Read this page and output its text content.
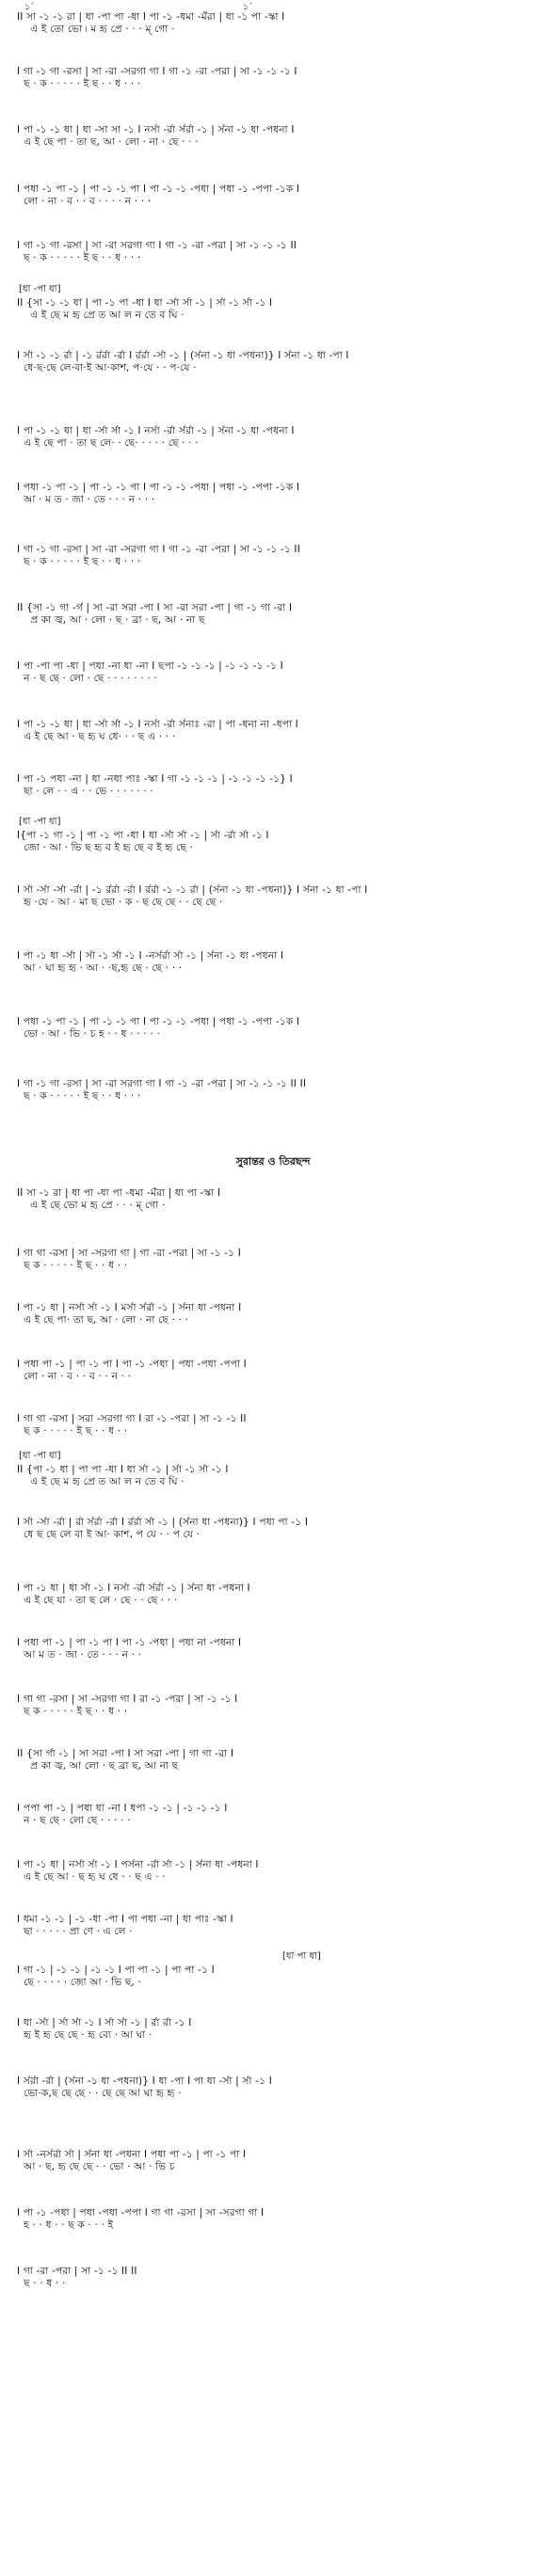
১´	১´
II সা -১ -১ রা | ধা -পা পা -ধা I পা -১ -ধমা -মঁরা | ধা -১ পা -স্কা I
এ ই তো ভো ৷ ম হৃ প্রে · · · ম্ গো ·
I গা -১ গা -রসা | সা -রা -সরগা গা I গা -১ -রা -পরা | সা -১ -১ -১ I
ছ · ক · · · · · ই ছ · · ধ · · ·
I পা -১ -১ ধা | ধা -সা সা -১ I নর্সা -র্রা র্সর্রা -১ | র্সনা -১ ধা -পধনা I
এ ই ছে পা · তা ছ, আ · লো · না · ছে · · ·
I পধা -১ পা -১ | পা -১ -১ পা I পা -১ -১ -পধা | পধা -১ -পপা -১ক I
লো · না · ব · · ব · · · · ন · · ·
I গা -১ গা -রসা | সা -রা সরগা গা I গা -১ -রা -পরা | সা -১ -১ -১ II
ছ · ক · · · · · ই ছ · · ধ · · ·
[ধা -পা ধা]
II {সা -১ -১ ধা | পা -১ পা -ধা I ধা -র্সা র্সা -১ | র্সা -১ র্সা -১ I
এ ই ছে ম হৃ প্রে ত আ ল ন তে ব ঘি ·
I র্সা -১ -১ র্রা | -১ র্রর্রা -র্রা I র্রর্রা -র্সা -১ | (র্সনা -১ ধা -পধনা)} I র্সনা -১ ধা -পা I
ধে·ছ·ছে লে·বা·ই আ·কাশ, প·যে · · প·যে ·
I পা -১ -১ ধা | ধা -র্সা র্সা -১ I নর্সা -র্রা র্সর্রা -১ | র্সনা -১ ধা -পধনা I
এ ই ছে পা · তা ছ লে· · ছে· · · · · ছে · · ·
I পধা -১ পা -১ | পা -১ -১ পা I পা -১ -১ -পধা | পধা -১ -পপা -১ক I
আ · ম ত · জা · তে · · · ন · · ·
I গা -১ গা -রসা | সা -রা -সরগা গা I গা -১ -রা -পরা | সা -১ -১ -১ II
ছ · ক · · · · · ই ছ · · ধ · · ·
II {সা -১ গা -র্গ | সা -রা সরা -পা I সা -রা সরা -পা | গা -১ গা -রা I
প্র কা জ্ব, আ · লো · ছ · ব্রা · ছ, আ · না ছ
I পা -পা পা -ধা | পধা -না ধা -না I ছপা -১ -১ -১ | -১ -১ -১ -১ I
ন · ছ ছে · লো · ছে · · · · · · · ·
I পা -১ -১ ধা | ধা -র্সা র্সা -১ I নর্সা -র্রা র্সনাঃ -রা | পা -ধনা না -ধপা I
এ ই ছে আ · ছ হৃ ঘ ধে· · · ছ এ · · ·
I পা -১ পধা -না | ধা -নধা পাঃ -স্কা I গা -১ -১ -১ | -১ -১ -১ -১} I
ছা · লে · · এ · · ভে · · · · · · ·
[ধা -পা ধা]
I{পা -১ গা -১ | পা -১ পা -ধা I ধা -র্সা র্সা -১ | র্সা -র্রা র্সা -১ I
জো · আ · ভি ছ হৃ ব ই হৃ ছে ব ই হৃ ছে ·
I র্সা -র্সা -র্সা -র্রা | -১ র্রর্রা -র্রা I র্রর্রা -১ -১ র্রা | (র্সনা -১ ধা -পধনা)} I র্সনা -১ ধা -পা I
হৃ ·যে · আ · মা ছ ভো · ক · ছ ছে ছে · · ছে ছে ·
I পা -১ ধা -র্সা | র্সা -১ র্সা -১ I -নর্সর্রা র্সা -১ | র্সনা -১ ধা -পধনা I
আ · ঘা হৃ হৃ · আ · ·ছ,হৃ ছে · ছে · · ·
I পধা -১ পা -১ | পা -১ -১ পা I পা -১ -১ -পধা | পধা -১ -পপা -১ক I
ভো · আ · ভি · চ হ · · ধ · · · · ·
I গা -১ গা -রসা | সা -রা সরগা গা I গা -১ -রা -পরা | সা -১ -১ -১ II II
ছ · ক · · · · · ই ছ · · ধ · · ·
সুরান্তর ও তিরছন্দ
II সা -১ রা | ধা পা -ধা পা -ধমা -মঁরা | ধা পা -স্কা I
এ ই ছে ভো ম হৃ প্রে · · · ম্ গো ·
I গা গা -রসা | সা -সরগা গা | গা -রা -পরা | সা -১ -১ I
ছ ক · · · · · ই ছ · · ধ · ·
I পা -১ ধা | নর্সা র্সা -১ I মর্সা র্সর্রা -১ | র্সনা ধা -পধনা I
এ ই ছে পা· তা ছ, আ · লো · না ছে · · ·
I পধা পা -১ | পা -১ পা I পা -১ -পধা | পধা -পধা -পপা I
লো · না · ব · · ব · · ন · ·
I গা গা -রসা | সরা -সরগা গা I রা -১ -পরা | সা -১ -১ II
ছ ক · · · · · ই ছ · · ধ · ·
[ধা -পা ধা]
II {পা -১ ধা | পা পা -ধা I ধা র্সা -১ | র্সা -১ র্সা -১ I
এ ই ছে ম হৃ প্রে ত আ ল ন তে ব ঘি ·
I র্সা -র্সা -র্রা | র্রা র্সর্রা -র্রা I র্রর্রা র্সা -১ | (র্সনা ধা -পধনা)} I পধা পা -১ I
ধে ছ ছে লে বা ই আ· কাশ, প যে · · প যে ·
I পা -১ ধা | ধা র্সা -১ I নর্সা -র্রা র্সর্রা -১ | র্সনা ধা -পধনা I
এ ই ছে যা · তা ছ লে · ছে · · ছে · · ·
I পধা পা -১ | পা -১ পা I পা -১ -পধা | পধা না -পধনা I
আ ম ত · জা · তে · · · ন · ·
I গা গা -রসা | সা -সরগা গা I রা -১ -পরা | সা -১ -১ I
ছ ক · · · · · ই ছ · · ধ · ·
II {সা র্গা -১ | সা সরা -পা I সা সরা -পা | গা গা -রা I
প্র কা জ্ব, আ লো · ছ ব্রা ছ, আ না ছ
I পপা পা -১ | পধা ধা -না I ধপা -১ -১ | -১ -১ -১ I
ন · ছ ছে · লো ছে · · · · ·
I পা -১ ধা | নর্সা র্সা -১ I পর্সনা -র্রা র্সা -১ | র্সনা ধা -পধনা I
এ ই ছে আ · ছ হৃ ঘ ধে · · ছ এ · ·
I ধমা -১ -১ | -১ -ধা -পা I পা পধা -না | ধা পাঃ -স্কা I
ছা · · · · · প্রা ণে · এ লে ·
[ধা পা ধা]
I গা -১ | -১ -১ | -১ -১ I পা পা -১ | পা পা -১ I
ছে · · · · · জো আ · ভি ছ, ·
I ধা -র্সা | র্সা র্সা -১ I র্সা র্সা -১ | র্রা র্রা -১ I
হৃ ই হৃ ছে ছে · হৃ ব্যে · আ ঘা ·
I র্সর্রা -র্রা | (র্সনা -১ ধা -পধনা)} I ধা -পা I পা ধা -র্সা | র্সা -১ I
ভো·ক,ছ ছে ছে · · ছে ছে আ ঘা হৃ হৃ ·
I র্সা -নর্সর্রা র্সা | র্সনা ধা -পধনা I পধা পা -১ | পা -১ পা I
আ · ছ, হৃ ছে ছে · · ভো · আ · ভি চ
I পা -১ -পধা | পধা -পধা -পপা I গা গা -রসা | সা -সরগা গা I
হ · · ধ · · ছ ক · · · ই
I গা -রা -পরা | সা -১ -১ II II
ছ · · ধ · ·
